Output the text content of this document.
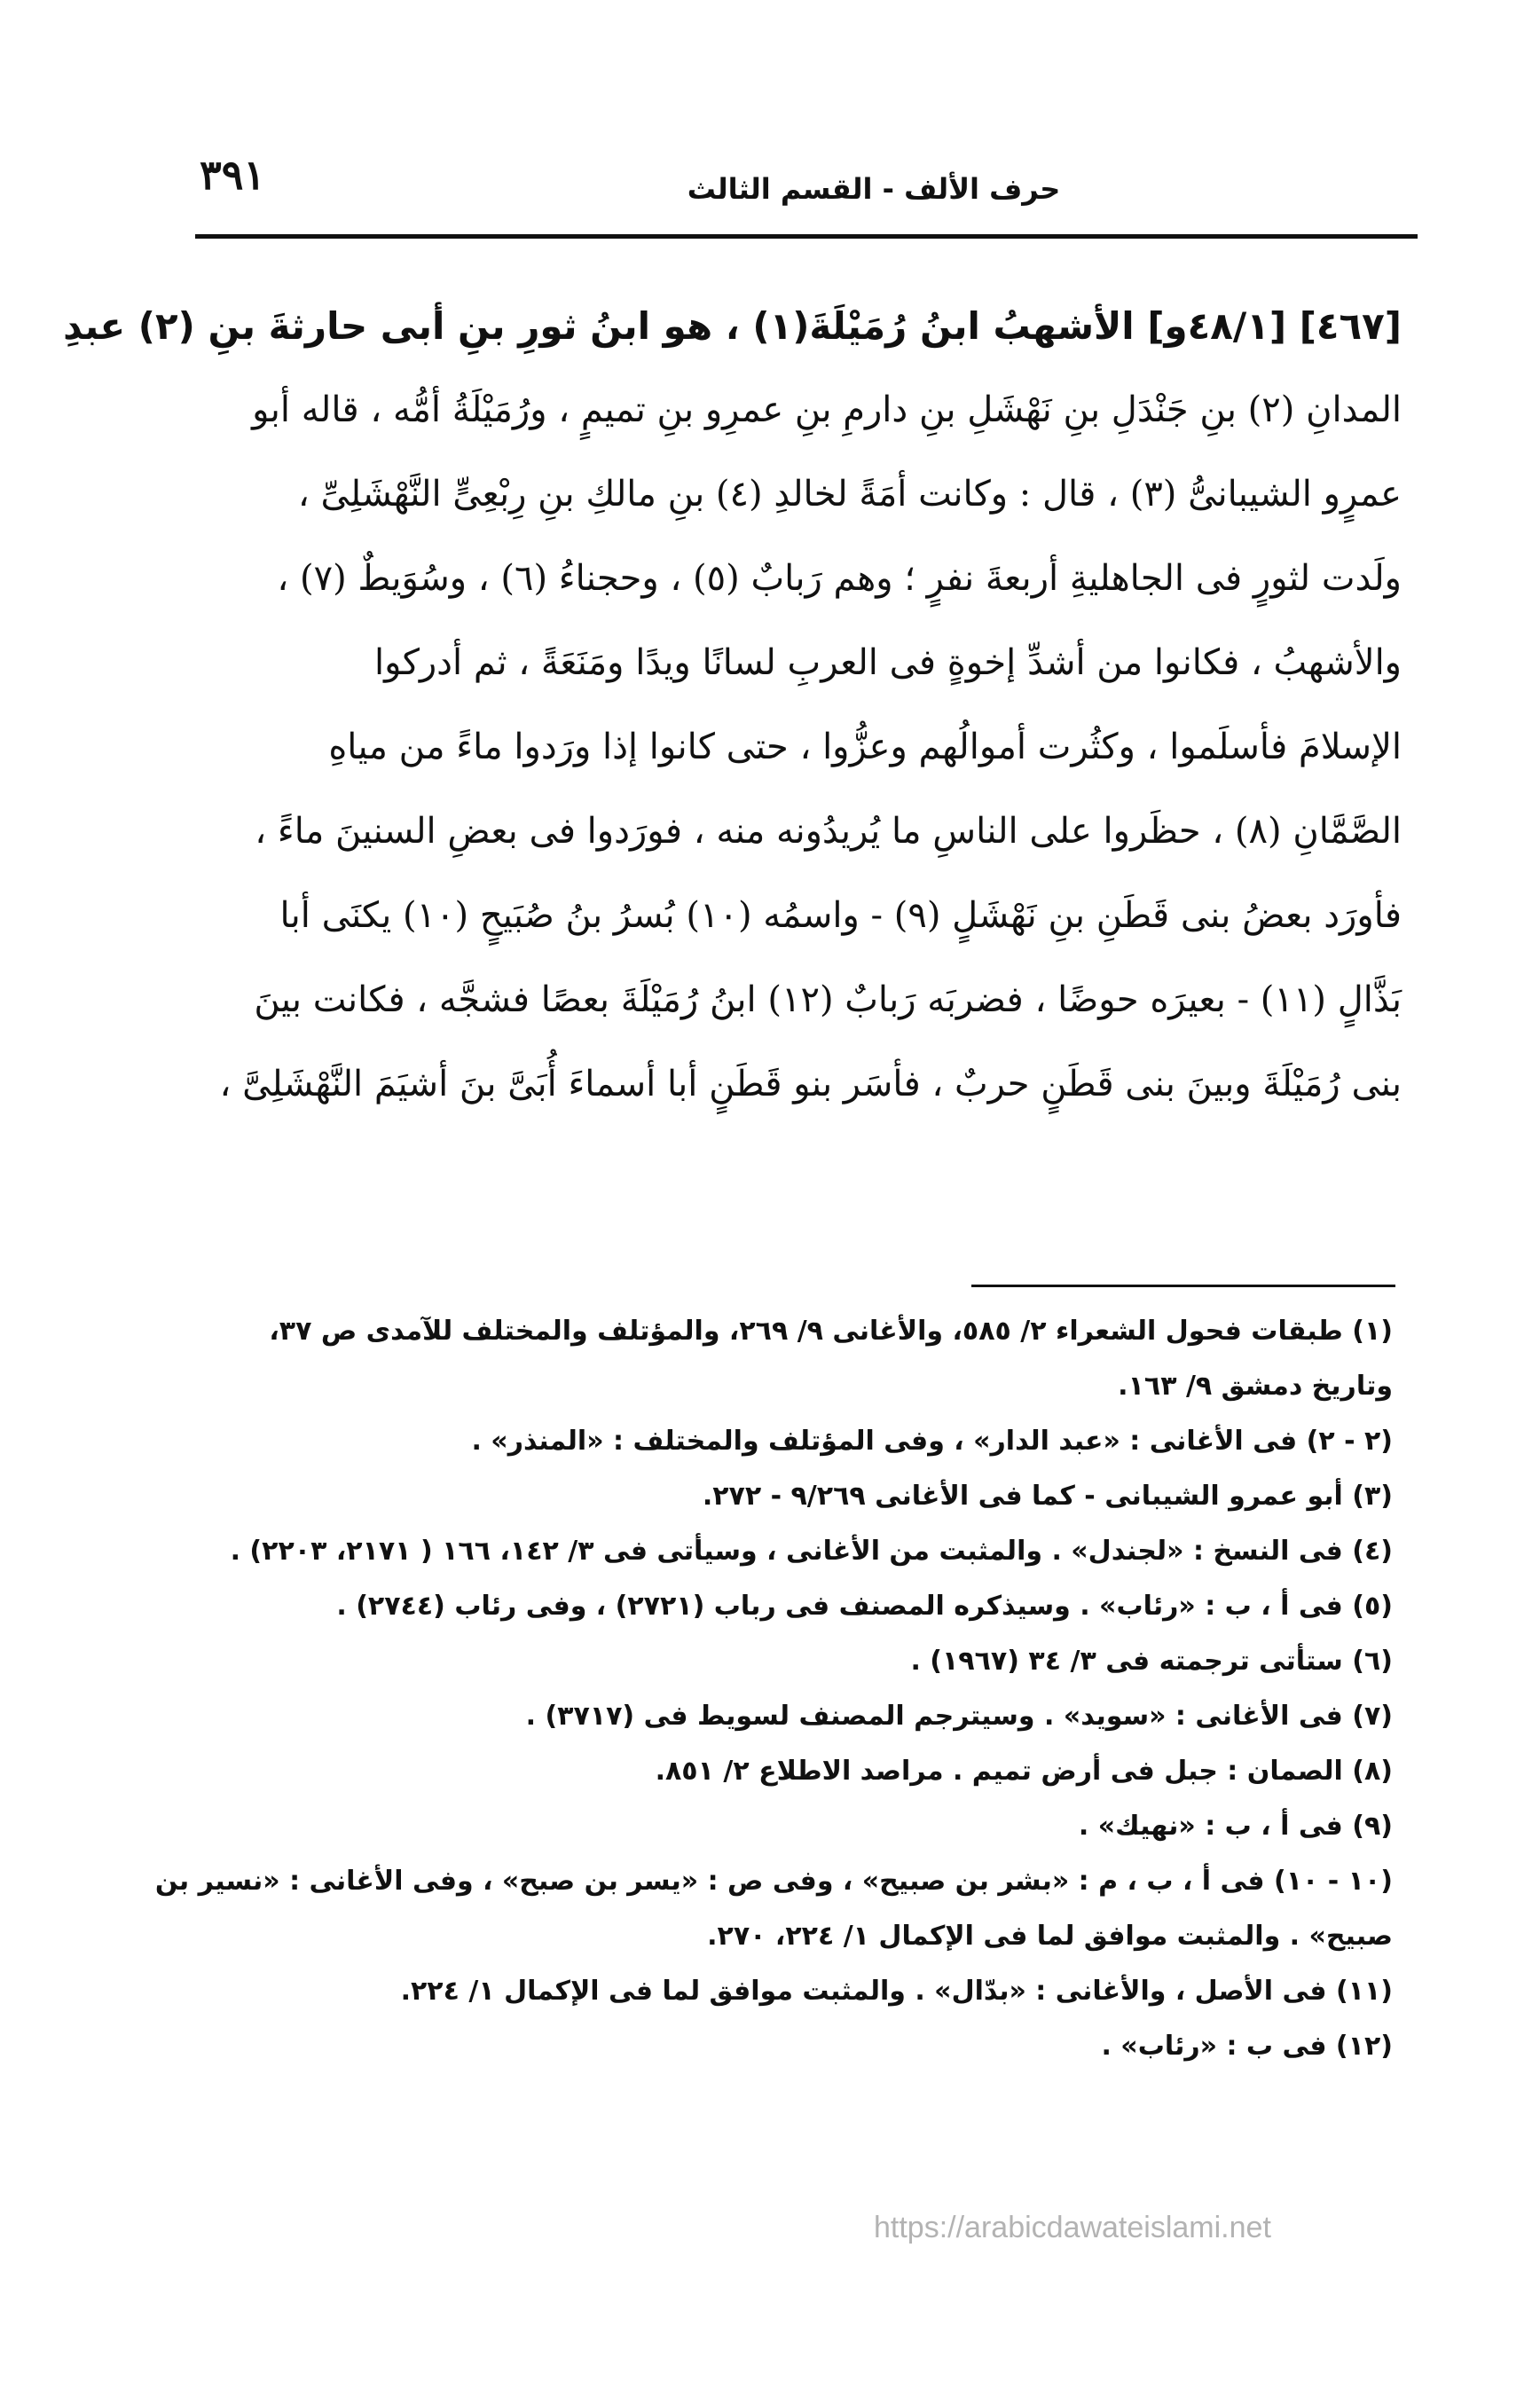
٣٩١	حرف الألف - القسم الثالث
[٤٦٧] [٤٨/١و] الأشهبُ ابنُ رُمَيْلَةَ(١) ، هو ابنُ ثورِ بنِ أبى حارثةَ بنِ (٢) عبدِ
المدانِ (٢) بنِ جَنْدَلِ بنِ نَهْشَلِ بنِ دارمِ بنِ عمرِو بنِ تميمٍ ، ورُمَيْلَةُ أمُّه ، قاله أبو
عمرٍو الشيبانىُّ (٣) ، قال : وكانت أمَةً لخالدِ (٤) بنِ مالكِ بنِ رِبْعِىٍّ النَّهْشَلِىِّ ،
ولَدت لثورٍ فى الجاهليةِ أربعةَ نفرٍ ؛ وهم رَبابٌ (٥) ، وحجناءُ (٦) ، وسُوَيطٌ (٧) ،
والأشهبُ ، فكانوا من أشدِّ إخوةٍ فى العربِ لسانًا ويدًا ومَنَعَةً ، ثم أدركوا
الإسلامَ فأسلَموا ، وكثُرت أموالُهم وعزُّوا ، حتى كانوا إذا ورَدوا ماءً من مياهِ
الصَّمَّانِ (٨) ، حظَروا على الناسِ ما يُريدُونه منه ، فورَدوا فى بعضِ السنينَ ماءً ،
فأورَد بعضُ بنى قَطَنِ بنِ نَهْشَلٍ (٩) - واسمُه (١٠) بُسرُ بنُ صُبَيحٍ (١٠) يكنَى أبا
بَذَّالٍ (١١) - بعيرَه حوضًا ، فضربَه رَبابٌ (١٢) ابنُ رُمَيْلَةَ بعصًا فشجَّه ، فكانت بينَ
بنى رُمَيْلَةَ وبينَ بنى قَطَنٍ حربٌ ، فأسَر بنو قَطَنٍ أبا أسماءَ أُبَىَّ بنَ أشيَمَ النَّهْشَلِىَّ ،
(١) طبقات فحول الشعراء ٢/ ٥٨٥، والأغانى ٩/ ٢٦٩، والمؤتلف والمختلف للآمدى ص ٣٧،
وتاريخ دمشق ٩/ ١٦٣.
(٢ - ٢) فى الأغانى : «عبد الدار» ، وفى المؤتلف والمختلف : «المنذر» .
(٣) أبو عمرو الشيبانى - كما فى الأغانى ٩/٢٦٩ - ٢٧٢.
(٤) فى النسخ : «لجندل» . والمثبت من الأغانى ، وسيأتى فى ٣/ ١٤٢، ١٦٦ ( ٢١٧١، ٢٢٠٣) .
(٥) فى أ ، ب : «رئاب» . وسيذكره المصنف فى رباب (٢٧٢١) ، وفى رئاب (٢٧٤٤) .
(٦) ستأتى ترجمته فى ٣/ ٣٤ (١٩٦٧) .
(٧) فى الأغانى : «سويد» . وسيترجم المصنف لسويط فى (٣٧١٧) .
(٨) الصمان : جبل فى أرض تميم . مراصد الاطلاع ٢/ ٨٥١.
(٩) فى أ ، ب : «نهيك» .
(١٠ - ١٠) فى أ ، ب ، م : «بشر بن صبيح» ، وفى ص : «يسر بن صبح» ، وفى الأغانى : «نسير بن
صبيح» . والمثبت موافق لما فى الإكمال ١/ ٢٢٤، ٢٧٠.
(١١) فى الأصل ، والأغانى : «بدّال» . والمثبت موافق لما فى الإكمال ١/ ٢٢٤.
(١٢) فى ب : «رئاب» .
https://arabicdawateislami.net
